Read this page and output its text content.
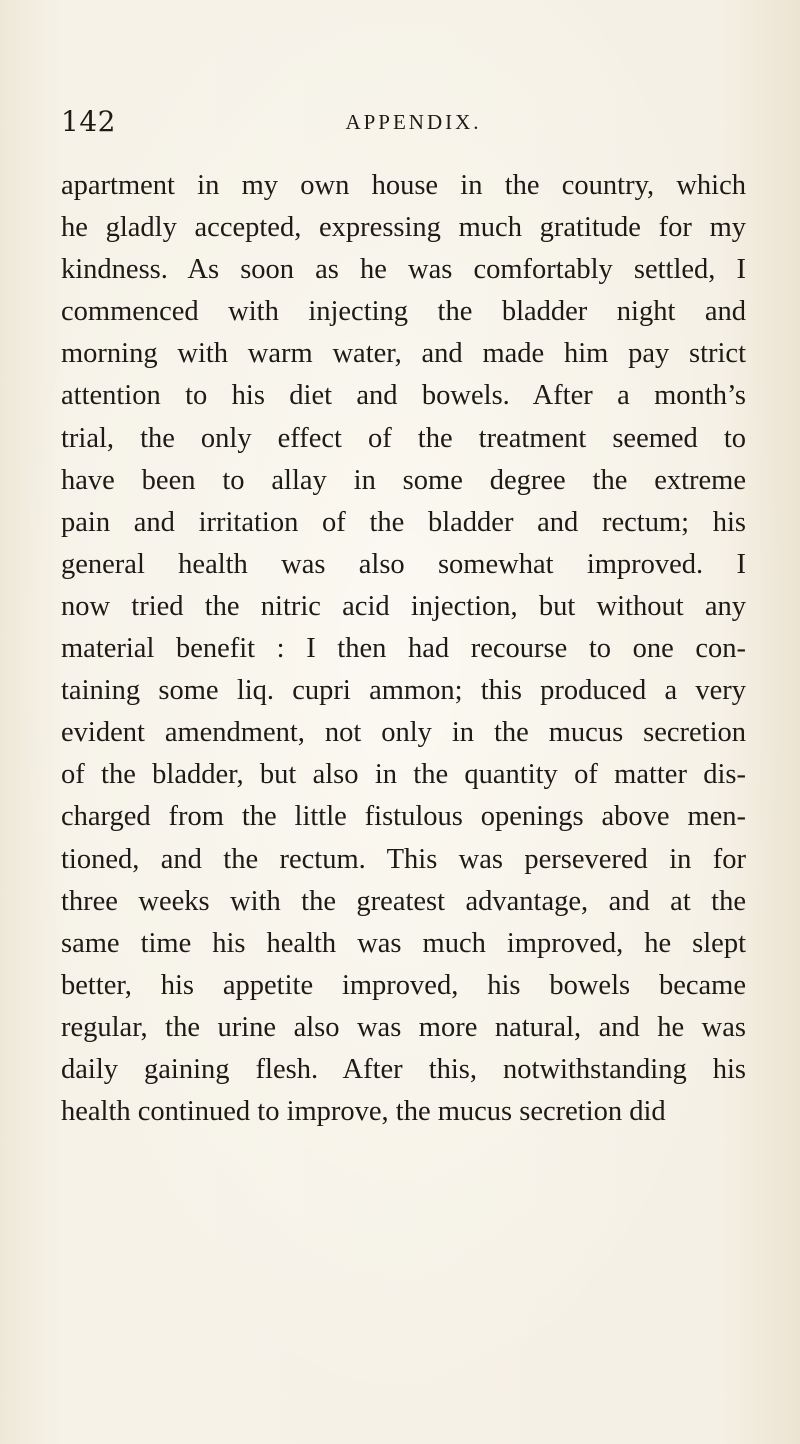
142	APPENDIX.
apartment in my own house in the country, which
he gladly accepted, expressing much gratitude for my
kindness. As soon as he was comfortably settled, I
commenced with injecting the bladder night and
morning with warm water, and made him pay strict
attention to his diet and bowels. After a month’s
trial, the only effect of the treatment seemed to
have been to allay in some degree the extreme
pain and irritation of the bladder and rectum; his
general health was also somewhat improved. I
now tried the nitric acid injection, but without any
material benefit : I then had recourse to one con-
taining some liq. cupri ammon; this produced a very
evident amendment, not only in the mucus secretion
of the bladder, but also in the quantity of matter dis-
charged from the little fistulous openings above men-
tioned, and the rectum. This was persevered in for
three weeks with the greatest advantage, and at the
same time his health was much improved, he slept
better, his appetite improved, his bowels became
regular, the urine also was more natural, and he was
daily gaining flesh. After this, notwithstanding his
health continued to improve, the mucus secretion did
